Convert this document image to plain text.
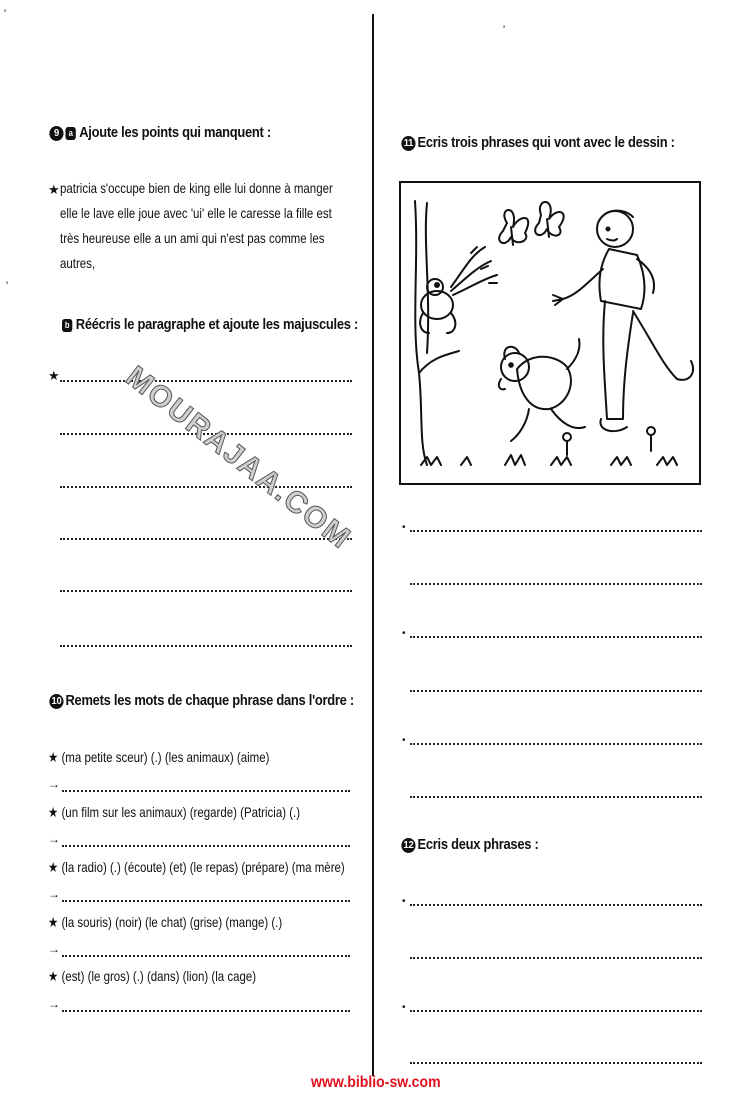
'
'
'
9 a Ajoute les points qui manquent :
★ patricia s'occupe bien de king elle lui donne à manger
elle le lave elle joue avec 'ui' elle le caresse la fille est
très heureuse elle a un ami qui n'est pas comme les
autres,
b Réécris le paragraphe et ajoute les majuscules :
★ MOURAJAA.COM
10 Remets les mots de chaque phrase dans l'ordre :
★ (ma petite sceur) (.) (les animaux) (aime)
→
★ (un film sur les animaux) (regarde) (Patricia) (.)
→
★ (la radio) (.) (écoute) (et) (le repas) (prépare) (ma mère)
→
★ (la souris) (noir) (le chat) (grise) (mange) (.)
→
★ (est) (le gros) (.) (dans) (lion) (la cage)
→
11 Ecris trois phrases qui vont avec le dessin :
•
•
•
12 Ecris deux phrases :
•
•
www.biblio-sw.com
